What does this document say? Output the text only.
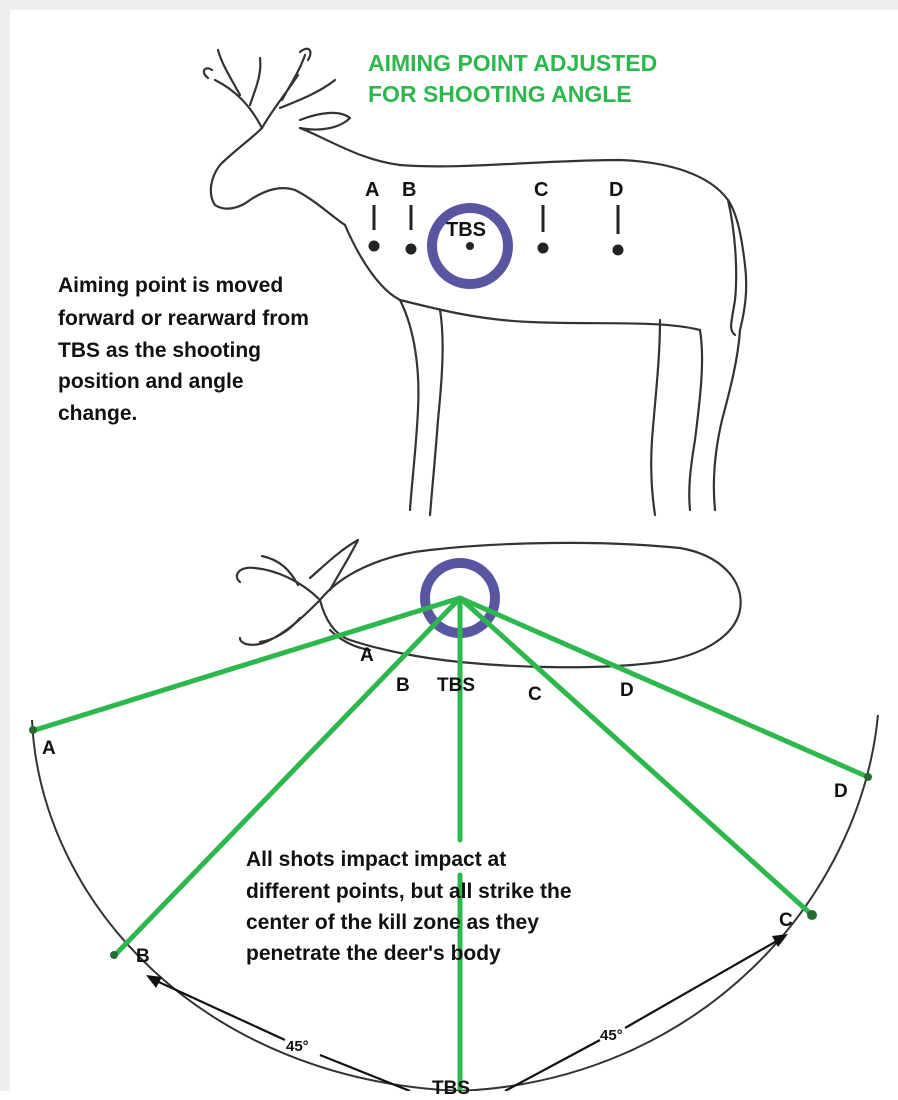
AIMING POINT ADJUSTED
FOR SHOOTING ANGLE
A B	C	D
TBS
Aiming point is moved
forward or rearward from
TBS as the shooting
position and angle
change.
A
B TBS	C	D
A
B
C
D
All shots impact impact at
different points, but all strike the
center of the kill zone as they
penetrate the deer's body
45°
45°
TBS
